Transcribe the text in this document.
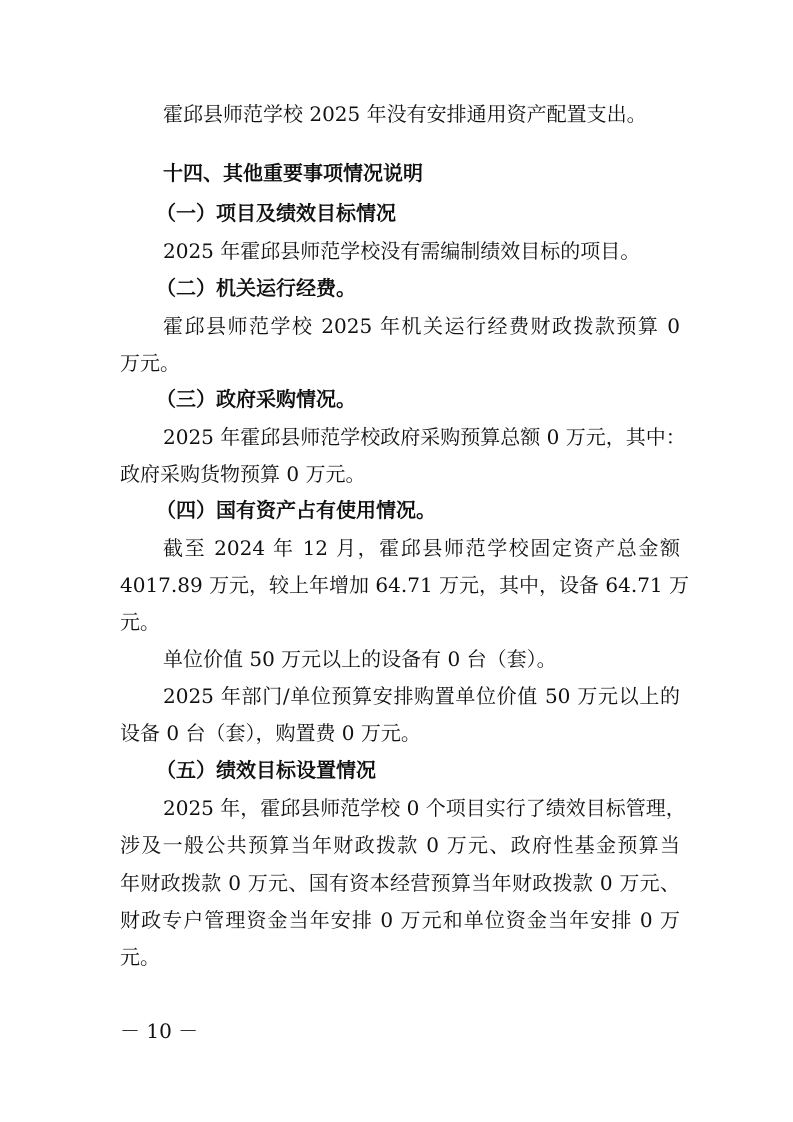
霍邱县师范学校 2025 年没有安排通用资产配置支出。
十四、其他重要事项情况说明
（一）项目及绩效目标情况
2025 年霍邱县师范学校没有需编制绩效目标的项目。
（二）机关运行经费。
霍邱县师范学校 2025 年机关运行经费财政拨款预算 0
万元。
（三）政府采购情况。
2025 年霍邱县师范学校政府采购预算总额 0 万元，其中：
政府采购货物预算 0 万元。
（四）国有资产占有使用情况。
截至 2024 年 12 月，霍邱县师范学校固定资产总金额
4017.89 万元，较上年增加 64.71 万元，其中，设备 64.71 万
元。
单位价值 50 万元以上的设备有 0 台（套）。
2025 年部门/单位预算安排购置单位价值 50 万元以上的
设备 0 台（套），购置费 0 万元。
（五）绩效目标设置情况
2025 年，霍邱县师范学校 0 个项目实行了绩效目标管理，
涉及一般公共预算当年财政拨款 0 万元、政府性基金预算当
年财政拨款 0 万元、国有资本经营预算当年财政拨款 0 万元、
财政专户管理资金当年安排 0 万元和单位资金当年安排 0 万
元。
－ 10 －
